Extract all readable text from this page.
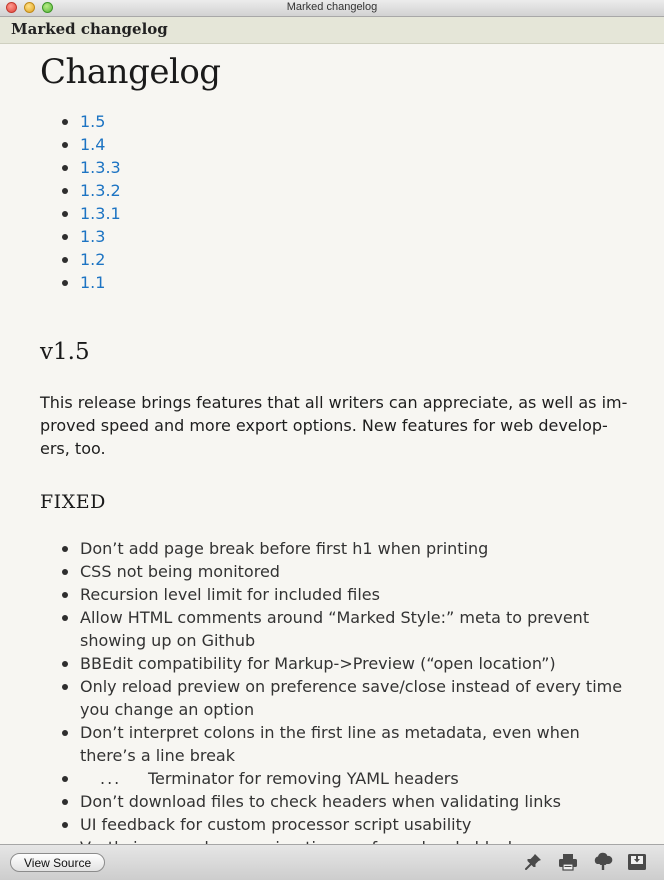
Marked changelog
Marked changelog
Changelog
1.5
1.4
1.3.3
1.3.2
1.3.1
1.3
1.2
1.1
v1.5
This release brings features that all writers can appreciate, as well as improved speed and more export options. New features for web developers, too.
FIXED
Don’t add page break before first h1 when printing
CSS not being monitored
Recursion level limit for included files
Allow HTML comments around “Marked Style:” meta to prevent showing up on Github
BBEdit compatibility for Markup->Preview (“open location”)
Only reload preview on preference save/close instead of every time you change an option
Don’t interpret colons in the first line as metadata, even when there’s a line break
... Terminator for removing YAML headers
Don’t download files to check headers when validating links
UI feedback for custom processor script usability
View Source
